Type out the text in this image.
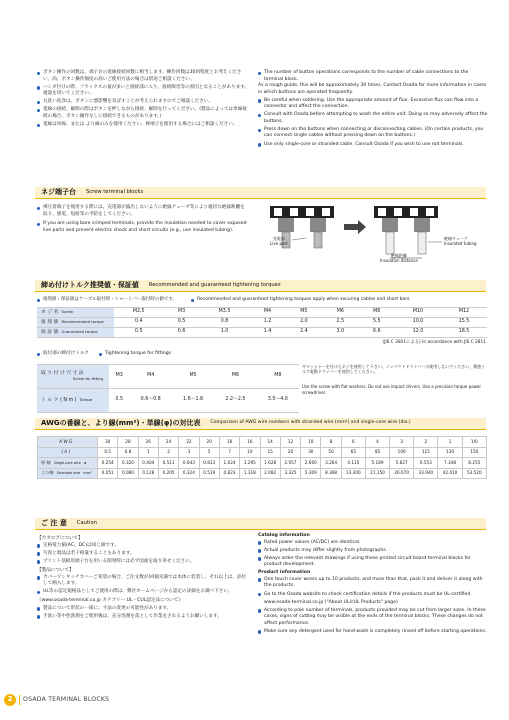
ボタン操作の回数は、端子台の電線接続回数に相当します。操作回数は30回程度とお考えください。尚、ボタン操作頻度の高いご使用方法の場合は別途ご相談ください。
ハンダ付けの際、フラックスの量が多いと接続部に入り、接続障害等の原因となることがあります。適量を用いてください。
丸洗い洗浄は、ボタンに悪影響を及ぼすことが考えられますのでご相談ください。
電線の接続、解除の際はボタンを押しながら接続、解除を行ってください。(製品によっては単線接続の場合、ボタン操作なしに接続できるものがあります。)
電線は単線、または より線のみを使用ください。棒端子を使用する場合にはご相談ください。
The number of button operations corresponds to the number of cable connections to the terminal block.
As a rough guide, this will be approximately 30 times. Contact Osada for more information in cases in which buttons are operated frequently.
Be careful when soldering. Use the appropriate amount of flux. Excessive flux can flow into a connector and affect the connection.
Consult with Osada before attempting to wash the entire unit. Doing so may adversely affect the buttons.
Press down on the buttons when connecting or disconnecting cables. (On certain products, you can connect single cables without pressing down on the buttons.)
Use only single-core or stranded cable. Consult Osada if you wish to use rod terminals.
ネジ端子台 Screw terminal blocks
裸圧着端子を使用する際には、充電部が露出しないように絶縁チューブ等により適切な絶縁距離を取り、感電、短絡等の予防をしてください。
If you are using bare crimped terminals, provide the insulation needed to cover exposed live parts and prevent electric shock and short circuits (e.g., use insulated tubing).
充電部
Live part
絶縁チューブ
Insulated tubing
絶縁距離
Insulation distance
締め付けトルク推奨値・保証値 Recommended and guaranteed tightening torques
推奨値・保証値はケーブル取付時・ショートバー取付時の値です。	Recommended and guaranteed tightening torques apply when securing cables and short bars.
ネ ジ 名 Screw	M2.5	M3	M3.5	M4	M5	M6	M8	M10	M12
推 奨 値 Recommended torque	0.4	0.5	0.8	1.2	2.0	2.5	5.5	10.0	15.5
保 証 値 Guaranteed torque	0.5	0.6	1.0	1.4	2.4	3.0	6.6	12.0	18.5
(JIS C 2811による) In accordance with JIS C 2811
取付部の締付けトルク	Tightening torque for fittings
取 り 付 け 穴 寸 法
Screw for fitting	M3	M4	M5	M6	M8
ト ル ク ( N m ) Torque	0.5	0.6〜0.8	1.6〜1.8	2.2〜2.5	3.5〜4.0
ギワッシャーを付けたネジを使用して下さい。インパクトドライバーは使用しないでください。精密トルク電動ドライバーを使用してください。
Use the screw with flat washers. Do not use impact drivers. Use a precision torque power screwdriver.
AWGの番線と、より線(mm²)・単線(φ)の対比表 Comparison of AWG wire numbers with stranded wire (mm²) and single-core wire (dia.)
A W G	30	28	26	24	22	20	18	16	14	12	10	8	6	4	3	2	1	1/0
( A )	0.5	0.8	1	2	3	5	7	10	15	20	30	50	65	85	100	115	130	150
単 線 Single-core wire φ	0.254	0.320	0.404	0.511	0.643	0.813	1.024	1.295	1.628	2.057	2.600	3.264	4.115	5.189	5.827	6.553	7.348	8.255
より線 Stranded wire mm²	0.051	0.080	0.128	0.205	0.324	0.519	0.823	1.318	2.082	3.325	5.309	8.368	13.300	21.150	26.670	33.940	42.410	53.520
ご 注 意 Caution
【カタログについて】
定格電力値(AC、DC)は同じ値です。
写真と現品は若干相違することもあります。
プリント基板用端子台を用いる開発時には必ず図面を取り寄せください。
【製品について】
カバーワンタッチカバーご希望の場合、ご注文数が10個未満では本体に装着し、それ以上は、添付して納入します。
UL等の認定規格品としてご使用の際は、弊社ホームページから認定の詳細をお調べ下さい。
《www.osada-terminal.co.jp カテゴリー:UL・CUL認定品について》
製品について形状の一部に、寸法の変更の可能性があります。
手洗い等中性洗剤をご使用後は、充分洗剤を落として作業をされるようお願いします。
Catalog information
Rated power values (AC/DC) are identical.
Actual products may differ slightly from photographs.
Always order the relevant drawings if using these printed circuit board terminal blocks for product development.
Product information
One touch cover wears up to 10 products, and more than that, pack it and deliver it along with the products.
Go to the Osada website to check certification details if the products must be UL-certified.
www.osada-terminal.co.jp ("About UL/cUL Products" page)
According to pole number of terminals, products provided may be cut from larger sizes. In these cases, signs of cutting may be visible at the ends of the terminal blocks. These changes do not affect performance.
Make sure any detergent used for hand-wash is completely rinsed off before starting operations.
2	OSADA TERMINAL BLOCKS
